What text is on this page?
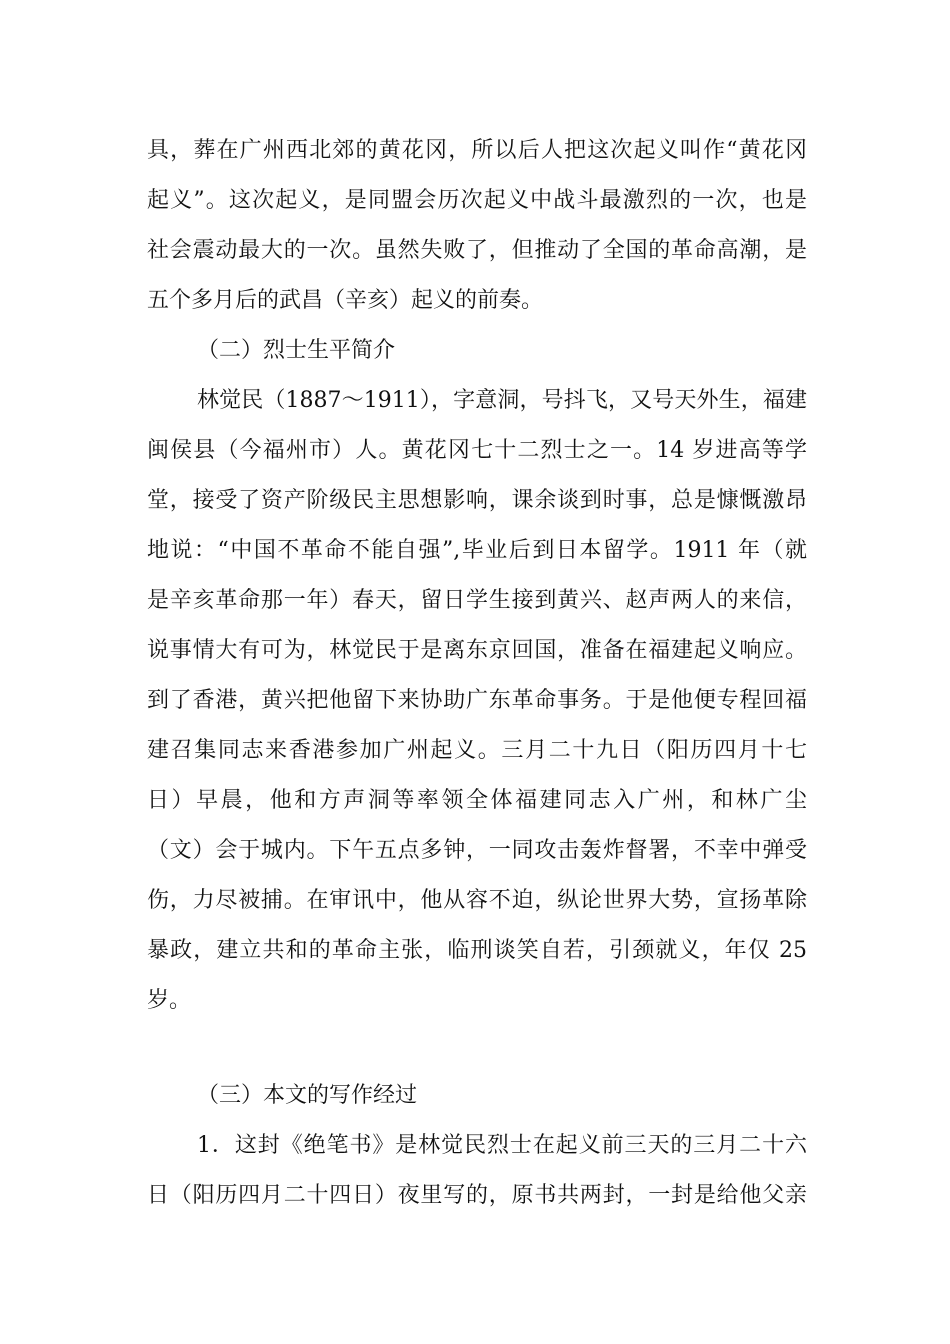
具，葬在广州西北郊的黄花冈，所以后人把这次起义叫作“黄花冈
起义”。这次起义，是同盟会历次起义中战斗最激烈的一次，也是
社会震动最大的一次。虽然失败了，但推动了全国的革命高潮，是
五个多月后的武昌（辛亥）起义的前奏。
（二）烈士生平简介
林觉民（1887～1911），字意洞，号抖飞，又号天外生，福建
闽侯县（今福州市）人。黄花冈七十二烈士之一。14 岁进高等学
堂，接受了资产阶级民主思想影响，课余谈到时事，总是慷慨激昂
地说：“中国不革命不能自强”,毕业后到日本留学。1911 年（就
是辛亥革命那一年）春天，留日学生接到黄兴、赵声两人的来信，
说事情大有可为，林觉民于是离东京回国，准备在福建起义响应。
到了香港，黄兴把他留下来协助广东革命事务。于是他便专程回福
建召集同志来香港参加广州起义。三月二十九日（阳历四月十七
日）早晨，他和方声洞等率领全体福建同志入广州，和林广尘
（文）会于城内。下午五点多钟，一同攻击轰炸督署，不幸中弹受
伤，力尽被捕。在审讯中，他从容不迫，纵论世界大势，宣扬革除
暴政，建立共和的革命主张，临刑谈笑自若，引颈就义，年仅 25
岁。
（三）本文的写作经过
1．这封《绝笔书》是林觉民烈士在起义前三天的三月二十六
日（阳历四月二十四日）夜里写的，原书共两封，一封是给他父亲
